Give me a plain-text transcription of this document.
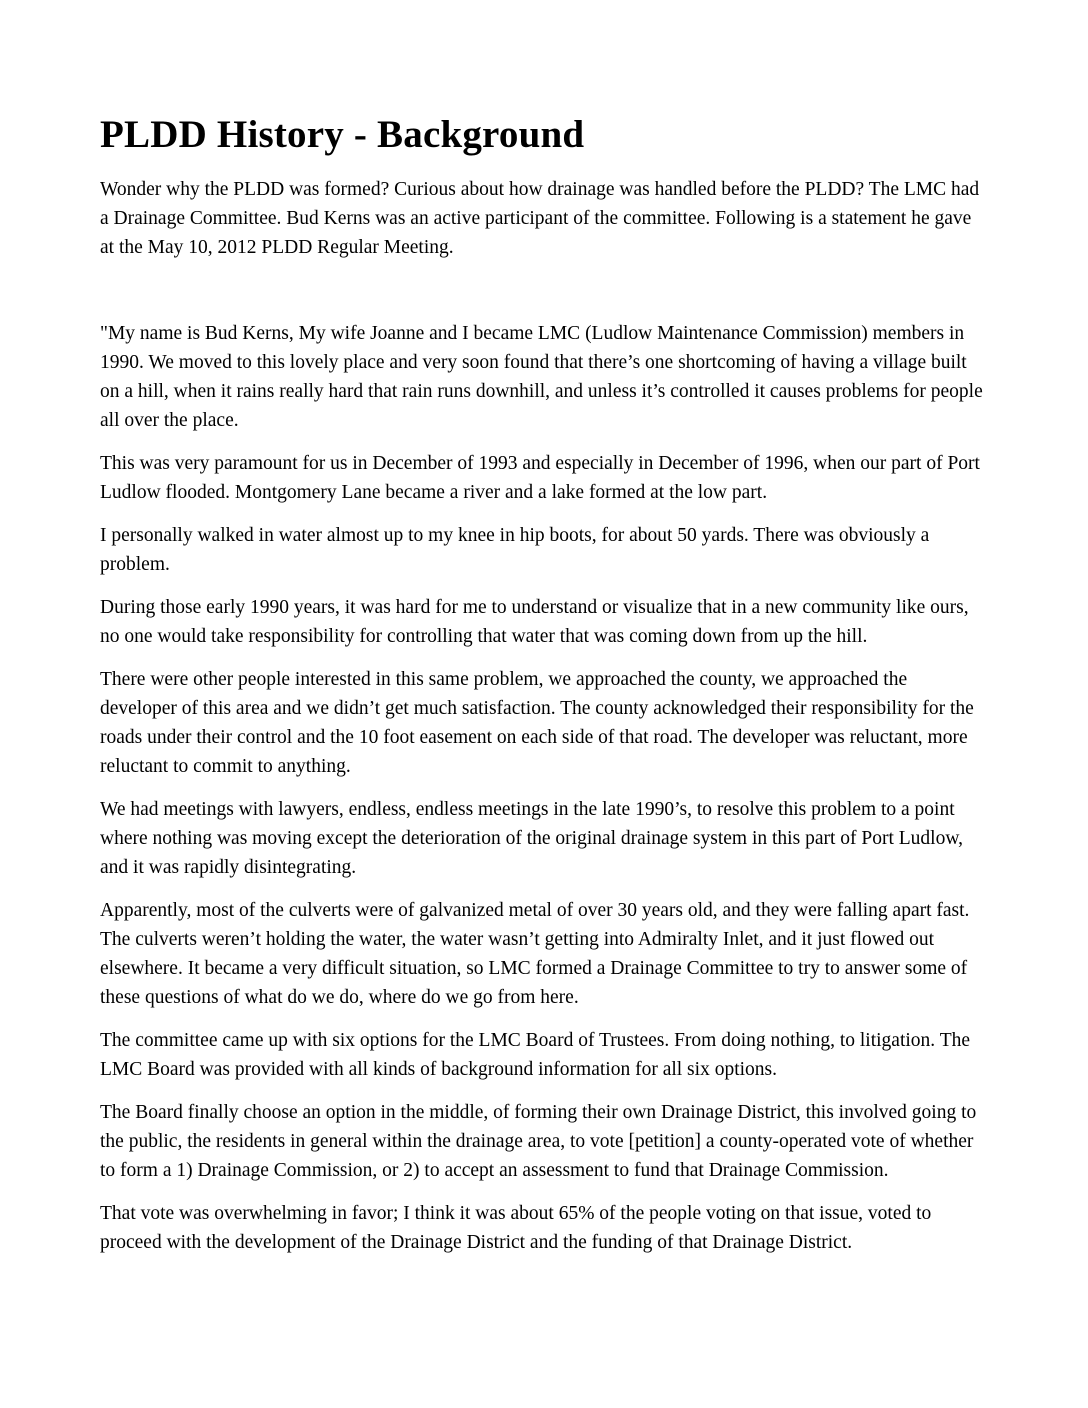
PLDD History - Background

Wonder why the PLDD was formed? Curious about how drainage was handled before the PLDD? The LMC had a Drainage Committee. Bud Kerns was an active participant of the committee. Following is a statement he gave at the May 10, 2012 PLDD Regular Meeting.

"My name is Bud Kerns, My wife Joanne and I became LMC (Ludlow Maintenance Commission) members in 1990. We moved to this lovely place and very soon found that there’s one shortcoming of having a village built on a hill, when it rains really hard that rain runs downhill, and unless it’s controlled it causes problems for people all over the place.

This was very paramount for us in December of 1993 and especially in December of 1996, when our part of Port Ludlow flooded. Montgomery Lane became a river and a lake formed at the low part.

I personally walked in water almost up to my knee in hip boots, for about 50 yards. There was obviously a problem.

During those early 1990 years, it was hard for me to understand or visualize that in a new community like ours, no one would take responsibility for controlling that water that was coming down from up the hill.

There were other people interested in this same problem, we approached the county, we approached the developer of this area and we didn’t get much satisfaction. The county acknowledged their responsibility for the roads under their control and the 10 foot easement on each side of that road. The developer was reluctant, more reluctant to commit to anything.

We had meetings with lawyers, endless, endless meetings in the late 1990’s, to resolve this problem to a point where nothing was moving except the deterioration of the original drainage system in this part of Port Ludlow, and it was rapidly disintegrating.

Apparently, most of the culverts were of galvanized metal of over 30 years old, and they were falling apart fast. The culverts weren’t holding the water, the water wasn’t getting into Admiralty Inlet, and it just flowed out elsewhere. It became a very difficult situation, so LMC formed a Drainage Committee to try to answer some of these questions of what do we do, where do we go from here.

The committee came up with six options for the LMC Board of Trustees. From doing nothing, to litigation. The LMC Board was provided with all kinds of background information for all six options.

The Board finally choose an option in the middle, of forming their own Drainage District, this involved going to the public, the residents in general within the drainage area, to vote [petition] a county-operated vote of whether to form a 1) Drainage Commission, or 2) to accept an assessment to fund that Drainage Commission.

That vote was overwhelming in favor; I think it was about 65% of the people voting on that issue, voted to proceed with the development of the Drainage District and the funding of that Drainage District.
